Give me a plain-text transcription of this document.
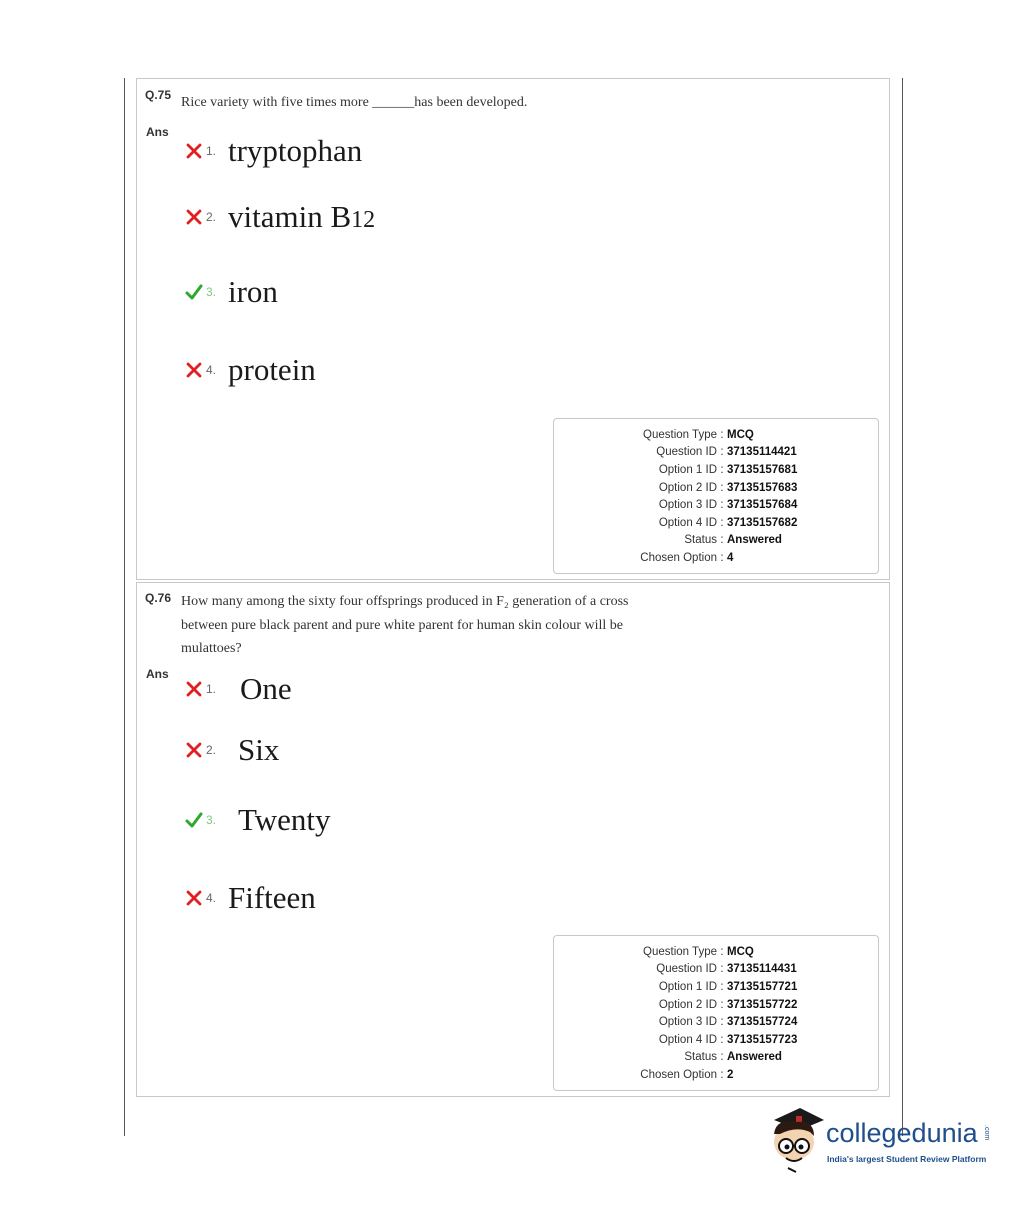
Q.75 Rice variety with five times more ______has been developed.
Ans
1. tryptophan
2. vitamin B12
3. iron
4. protein
Question Type : MCQ
Question ID : 37135114421
Option 1 ID : 37135157681
Option 2 ID : 37135157683
Option 3 ID : 37135157684
Option 4 ID : 37135157682
Status : Answered
Chosen Option : 4
Q.76 How many among the sixty four offsprings produced in F₂ generation of a cross between pure black parent and pure white parent for human skin colour will be mulattoes?
Ans
1. One
2. Six
3. Twenty
4. Fifteen
Question Type : MCQ
Question ID : 37135114431
Option 1 ID : 37135157721
Option 2 ID : 37135157722
Option 3 ID : 37135157724
Option 4 ID : 37135157723
Status : Answered
Chosen Option : 2
collegedunia .com
India's largest Student Review Platform
